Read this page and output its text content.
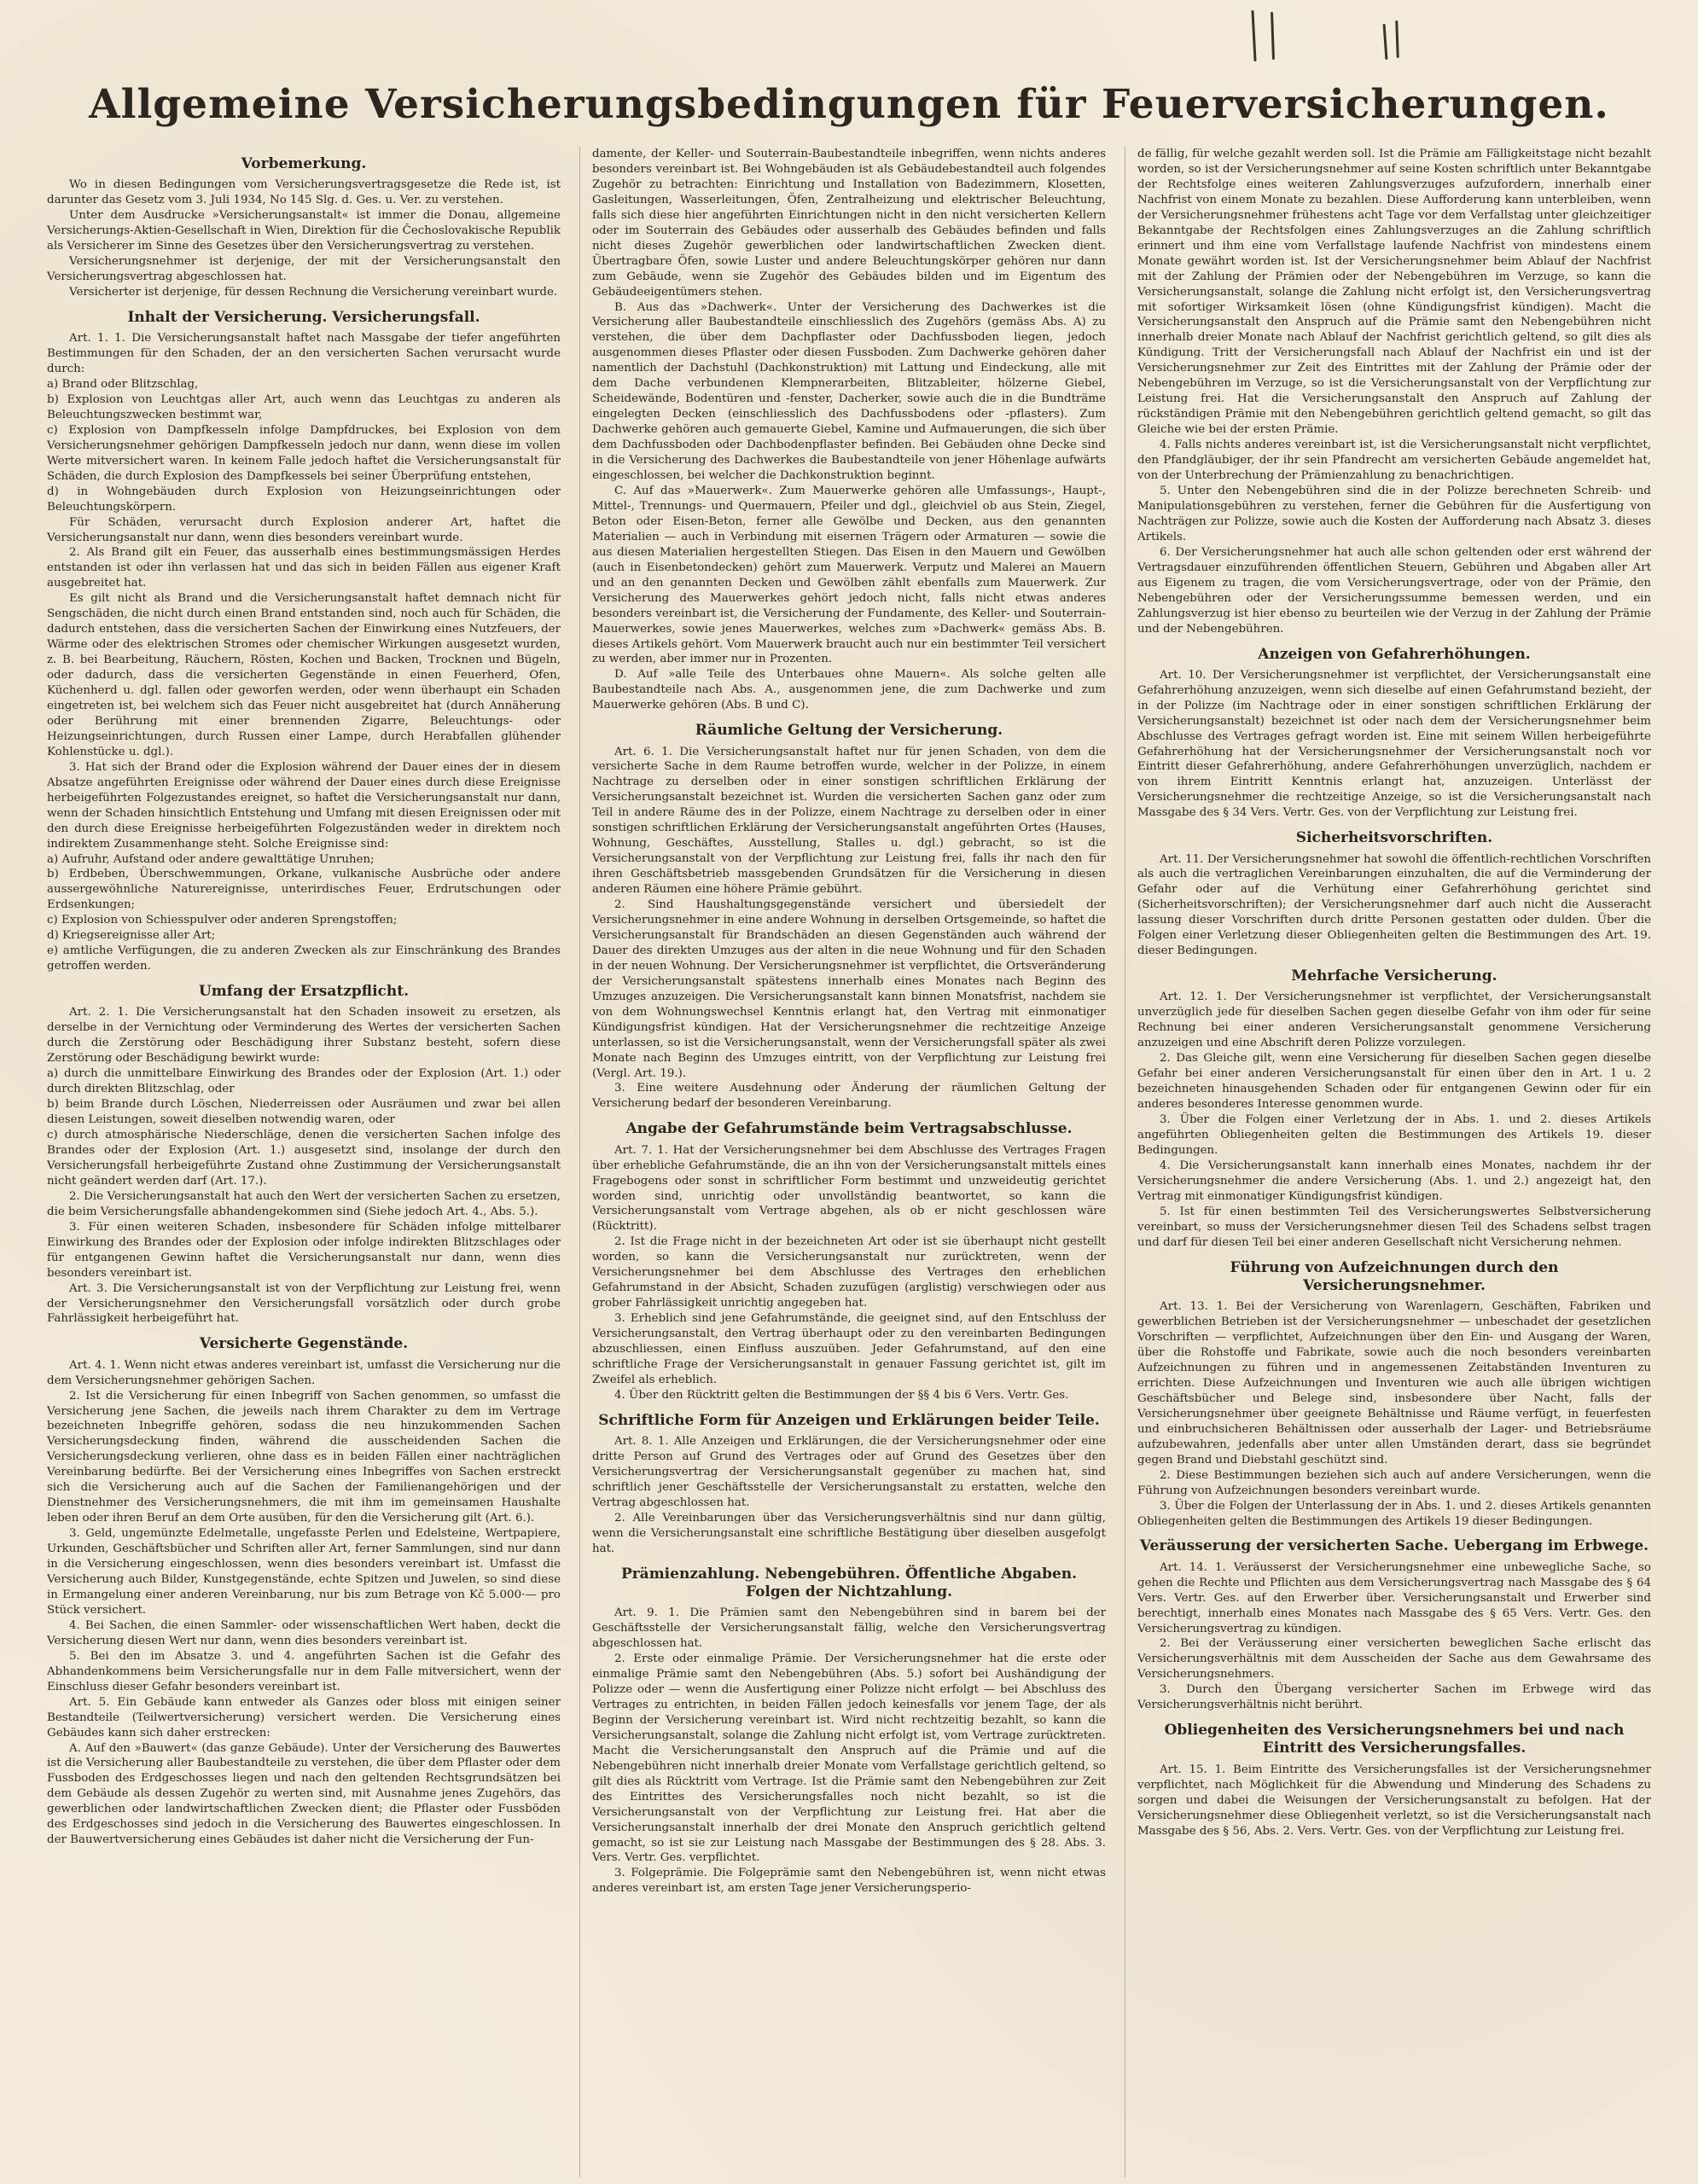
Allgemeine Versicherungsbedingungen für Feuerversicherungen.
Vorbemerkung.

Wo in diesen Bedingungen vom Versicherungsvertragsgesetze die Rede ist, ist darunter das Gesetz vom 3. Juli 1934, No 145 Slg. d. Ges. u. Ver. zu verstehen.

Unter dem Ausdrucke »Versicherungsanstalt« ist immer die Donau, allgemeine Versicherungs-Aktien-Gesellschaft in Wien, Direktion für die Čechoslovakische Republik als Versicherer im Sinne des Gesetzes über den Versicherungsvertrag zu verstehen.

Versicherungsnehmer ist derjenige, der mit der Versicherungsanstalt den Versicherungsvertrag abgeschlossen hat.

Versicherter ist derjenige, für dessen Rechnung die Versicherung vereinbart wurde.

Inhalt der Versicherung. Versicherungsfall.

Art. 1. 1. Die Versicherungsanstalt haftet nach Massgabe der tiefer angeführten Bestimmungen für den Schaden, der an den versicherten Sachen verursacht wurde durch:

a) Brand oder Blitzschlag,

b) Explosion von Leuchtgas aller Art, auch wenn das Leuchtgas zu anderen als Beleuchtungszwecken bestimmt war,

c) Explosion von Dampfkesseln infolge Dampfdruckes, bei Explosion von dem Versicherungsnehmer gehörigen Dampfkesseln jedoch nur dann, wenn diese im vollen Werte mitversichert waren. In keinem Falle jedoch haftet die Versicherungsanstalt für Schäden, die durch Explosion des Dampfkessels bei seiner Überprüfung entstehen,

d) in Wohngebäuden durch Explosion von Heizungseinrichtungen oder Beleuchtungskörpern.

Für Schäden, verursacht durch Explosion anderer Art, haftet die Versicherungsanstalt nur dann, wenn dies besonders vereinbart wurde.

2. Als Brand gilt ein Feuer, das ausserhalb eines bestimmungsmässigen Herdes entstanden ist oder ihn verlassen hat und das sich in beiden Fällen aus eigener Kraft ausgebreitet hat.

Es gilt nicht als Brand und die Versicherungsanstalt haftet demnach nicht für Sengschäden, die nicht durch einen Brand entstanden sind, noch auch für Schäden, die dadurch entstehen, dass die versicherten Sachen der Einwirkung eines Nutzfeuers, der Wärme oder des elektrischen Stromes oder chemischer Wirkungen ausgesetzt wurden, z. B. bei Bearbeitung, Räuchern, Rösten, Kochen und Backen, Trocknen und Bügeln, oder dadurch, dass die versicherten Gegenstände in einen Feuerherd, Ofen, Küchenherd u. dgl. fallen oder geworfen werden, oder wenn überhaupt ein Schaden eingetreten ist, bei welchem sich das Feuer nicht ausgebreitet hat (durch Annäherung oder Berührung mit einer brennenden Zigarre, Beleuchtungs- oder Heizungseinrichtungen, durch Russen einer Lampe, durch Herabfallen glühender Kohlenstücke u. dgl.).

3. Hat sich der Brand oder die Explosion während der Dauer eines der in diesem Absatze angeführten Ereignisse oder während der Dauer eines durch diese Ereignisse herbeigeführten Folgezustandes ereignet, so haftet die Versicherungsanstalt nur dann, wenn der Schaden hinsichtlich Entstehung und Umfang mit diesen Ereignissen oder mit den durch diese Ereignisse herbeigeführten Folgezuständen weder in direktem noch indirektem Zusammenhange steht. Solche Ereignisse sind:

a) Aufruhr, Aufstand oder andere gewalttätige Unruhen;

b) Erdbeben, Überschwemmungen, Orkane, vulkanische Ausbrüche oder andere aussergewöhnliche Naturereignisse, unterirdisches Feuer, Erdrutschungen oder Erdsenkungen;

c) Explosion von Schiesspulver oder anderen Sprengstoffen;

d) Kriegsereignisse aller Art;

e) amtliche Verfügungen, die zu anderen Zwecken als zur Einschränkung des Brandes getroffen werden.

Umfang der Ersatzpflicht.

Art. 2. 1. Die Versicherungsanstalt hat den Schaden insoweit zu ersetzen, als derselbe in der Vernichtung oder Verminderung des Wertes der versicherten Sachen durch die Zerstörung oder Beschädigung ihrer Substanz besteht, sofern diese Zerstörung oder Beschädigung bewirkt wurde:

a) durch die unmittelbare Einwirkung des Brandes oder der Explosion (Art. 1.) oder durch direkten Blitzschlag, oder

b) beim Brande durch Löschen, Niederreissen oder Ausräumen und zwar bei allen diesen Leistungen, soweit dieselben notwendig waren, oder

c) durch atmosphärische Niederschläge, denen die versicherten Sachen infolge des Brandes oder der Explosion (Art. 1.) ausgesetzt sind, insolange der durch den Versicherungsfall herbeigeführte Zustand ohne Zustimmung der Versicherungsanstalt nicht geändert werden darf (Art. 17.).

2. Die Versicherungsanstalt hat auch den Wert der versicherten Sachen zu ersetzen, die beim Versicherungsfalle abhandengekommen sind (Siehe jedoch Art. 4., Abs. 5.).

3. Für einen weiteren Schaden, insbesondere für Schäden infolge mittelbarer Einwirkung des Brandes oder der Explosion oder infolge indirekten Blitzschlages oder für entgangenen Gewinn haftet die Versicherungsanstalt nur dann, wenn dies besonders vereinbart ist.

Art. 3. Die Versicherungsanstalt ist von der Verpflichtung zur Leistung frei, wenn der Versicherungsnehmer den Versicherungsfall vorsätzlich oder durch grobe Fahrlässigkeit herbeigeführt hat.

Versicherte Gegenstände.

Art. 4. 1. Wenn nicht etwas anderes vereinbart ist, umfasst die Versicherung nur die dem Versicherungsnehmer gehörigen Sachen.

2. Ist die Versicherung für einen Inbegriff von Sachen genommen, so umfasst die Versicherung jene Sachen, die jeweils nach ihrem Charakter zu dem im Vertrage bezeichneten Inbegriffe gehören, sodass die neu hinzukommenden Sachen Versicherungsdeckung finden, während die ausscheidenden Sachen die Versicherungsdeckung verlieren, ohne dass es in beiden Fällen einer nachträglichen Vereinbarung bedürfte. Bei der Versicherung eines Inbegriffes von Sachen erstreckt sich die Versicherung auch auf die Sachen der Familienangehörigen und der Dienstnehmer des Versicherungsnehmers, die mit ihm im gemeinsamen Haushalte leben oder ihren Beruf an dem Orte ausüben, für den die Versicherung gilt (Art. 6.).

3. Geld, ungemünzte Edelmetalle, ungefasste Perlen und Edelsteine, Wertpapiere, Urkunden, Geschäftsbücher und Schriften aller Art, ferner Sammlungen, sind nur dann in die Versicherung eingeschlossen, wenn dies besonders vereinbart ist. Umfasst die Versicherung auch Bilder, Kunstgegenstände, echte Spitzen und Juwelen, so sind diese in Ermangelung einer anderen Vereinbarung, nur bis zum Betrage von Kč 5.000·— pro Stück versichert.

4. Bei Sachen, die einen Sammler- oder wissenschaftlichen Wert haben, deckt die Versicherung diesen Wert nur dann, wenn dies besonders vereinbart ist.

5. Bei den im Absatze 3. und 4. angeführten Sachen ist die Gefahr des Abhandenkommens beim Versicherungsfalle nur in dem Falle mitversichert, wenn der Einschluss dieser Gefahr besonders vereinbart ist.

Art. 5. Ein Gebäude kann entweder als Ganzes oder bloss mit einigen seiner Bestandteile (Teilwertversicherung) versichert werden. Die Versicherung eines Gebäudes kann sich daher erstrecken:

A. Auf den »Bauwert« (das ganze Gebäude). Unter der Versicherung des Bauwertes ist die Versicherung aller Baubestandteile zu verstehen, die über dem Pflaster oder dem Fussboden des Erdgeschosses liegen und nach den geltenden Rechtsgrundsätzen bei dem Gebäude als dessen Zugehör zu werten sind, mit Ausnahme jenes Zugehörs, das gewerblichen oder landwirtschaftlichen Zwecken dient; die Pflaster oder Fussböden des Erdgeschosses sind jedoch in die Versicherung des Bauwertes eingeschlossen. In der Bauwertversicherung eines Gebäudes ist daher nicht die Versicherung der Fun-

damente, der Keller- und Souterrain-Baubestandteile inbegriffen, wenn nichts anderes besonders vereinbart ist. Bei Wohngebäuden ist als Gebäudebestandteil auch folgendes Zugehör zu betrachten: Einrichtung und Installation von Badezimmern, Klosetten, Gasleitungen, Wasserleitungen, Öfen, Zentralheizung und elektrischer Beleuchtung, falls sich diese hier angeführten Einrichtungen nicht in den nicht versicherten Kellern oder im Souterrain des Gebäudes oder ausserhalb des Gebäudes befinden und falls nicht dieses Zugehör gewerblichen oder landwirtschaftlichen Zwecken dient. Übertragbare Öfen, sowie Luster und andere Beleuchtungskörper gehören nur dann zum Gebäude, wenn sie Zugehör des Gebäudes bilden und im Eigentum des Gebäudeeigentümers stehen.

B. Aus das »Dachwerk«. Unter der Versicherung des Dachwerkes ist die Versicherung aller Baubestandteile einschliesslich des Zugehörs (gemäss Abs. A) zu verstehen, die über dem Dachpflaster oder Dachfussboden liegen, jedoch ausgenommen dieses Pflaster oder diesen Fussboden. Zum Dachwerke gehören daher namentlich der Dachstuhl (Dachkonstruktion) mit Lattung und Eindeckung, alle mit dem Dache verbundenen Klempnerarbeiten, Blitzableiter, hölzerne Giebel, Scheidewände, Bodentüren und -fenster, Dacherker, sowie auch die in die Bundträme eingelegten Decken (einschliesslich des Dachfussbodens oder -pflasters). Zum Dachwerke gehören auch gemauerte Giebel, Kamine und Aufmauerungen, die sich über dem Dachfussboden oder Dachbodenpflaster befinden. Bei Gebäuden ohne Decke sind in die Versicherung des Dachwerkes die Baubestandteile von jener Höhenlage aufwärts eingeschlossen, bei welcher die Dachkonstruktion beginnt.

C. Auf das »Mauerwerk«. Zum Mauerwerke gehören alle Umfassungs-, Haupt-, Mittel-, Trennungs- und Quermauern, Pfeiler und dgl., gleichviel ob aus Stein, Ziegel, Beton oder Eisen-Beton, ferner alle Gewölbe und Decken, aus den genannten Materialien — auch in Verbindung mit eisernen Trägern oder Armaturen — sowie die aus diesen Materialien hergestellten Stiegen. Das Eisen in den Mauern und Gewölben (auch in Eisenbetondecken) gehört zum Mauerwerk. Verputz und Malerei an Mauern und an den genannten Decken und Gewölben zählt ebenfalls zum Mauerwerk. Zur Versicherung des Mauerwerkes gehört jedoch nicht, falls nicht etwas anderes besonders vereinbart ist, die Versicherung der Fundamente, des Keller- und Souterrain-Mauerwerkes, sowie jenes Mauerwerkes, welches zum »Dachwerk« gemäss Abs. B. dieses Artikels gehört. Vom Mauerwerk braucht auch nur ein bestimmter Teil versichert zu werden, aber immer nur in Prozenten.

D. Auf »alle Teile des Unterbaues ohne Mauern«. Als solche gelten alle Baubestandteile nach Abs. A., ausgenommen jene, die zum Dachwerke und zum Mauerwerke gehören (Abs. B und C).

Räumliche Geltung der Versicherung.

Art. 6. 1. Die Versicherungsanstalt haftet nur für jenen Schaden, von dem die versicherte Sache in dem Raume betroffen wurde, welcher in der Polizze, in einem Nachtrage zu derselben oder in einer sonstigen schriftlichen Erklärung der Versicherungsanstalt bezeichnet ist. Wurden die versicherten Sachen ganz oder zum Teil in andere Räume des in der Polizze, einem Nachtrage zu derselben oder in einer sonstigen schriftlichen Erklärung der Versicherungsanstalt angeführten Ortes (Hauses, Wohnung, Geschäftes, Ausstellung, Stalles u. dgl.) gebracht, so ist die Versicherungsanstalt von der Verpflichtung zur Leistung frei, falls ihr nach den für ihren Geschäftsbetrieb massgebenden Grundsätzen für die Versicherung in diesen anderen Räumen eine höhere Prämie gebührt.

2. Sind Haushaltungsgegenstände versichert und übersiedelt der Versicherungsnehmer in eine andere Wohnung in derselben Ortsgemeinde, so haftet die Versicherungsanstalt für Brandschäden an diesen Gegenständen auch während der Dauer des direkten Umzuges aus der alten in die neue Wohnung und für den Schaden in der neuen Wohnung. Der Versicherungsnehmer ist verpflichtet, die Ortsveränderung der Versicherungsanstalt spätestens innerhalb eines Monates nach Beginn des Umzuges anzuzeigen. Die Versicherungsanstalt kann binnen Monatsfrist, nachdem sie von dem Wohnungswechsel Kenntnis erlangt hat, den Vertrag mit einmonatiger Kündigungsfrist kündigen. Hat der Versicherungsnehmer die rechtzeitige Anzeige unterlassen, so ist die Versicherungsanstalt, wenn der Versicherungsfall später als zwei Monate nach Beginn des Umzuges eintritt, von der Verpflichtung zur Leistung frei (Vergl. Art. 19.).

3. Eine weitere Ausdehnung oder Änderung der räumlichen Geltung der Versicherung bedarf der besonderen Vereinbarung.

Angabe der Gefahrumstände beim Vertragsabschlusse.

Art. 7. 1. Hat der Versicherungsnehmer bei dem Abschlusse des Vertrages Fragen über erhebliche Gefahrumstände, die an ihn von der Versicherungsanstalt mittels eines Fragebogens oder sonst in schriftlicher Form bestimmt und unzweideutig gerichtet worden sind, unrichtig oder unvollständig beantwortet, so kann die Versicherungsanstalt vom Vertrage abgehen, als ob er nicht geschlossen wäre (Rücktritt).

2. Ist die Frage nicht in der bezeichneten Art oder ist sie überhaupt nicht gestellt worden, so kann die Versicherungsanstalt nur zurücktreten, wenn der Versicherungsnehmer bei dem Abschlusse des Vertrages den erheblichen Gefahrumstand in der Absicht, Schaden zuzufügen (arglistig) verschwiegen oder aus grober Fahrlässigkeit unrichtig angegeben hat.

3. Erheblich sind jene Gefahrumstände, die geeignet sind, auf den Entschluss der Versicherungsanstalt, den Vertrag überhaupt oder zu den vereinbarten Bedingungen abzuschliessen, einen Einfluss auszuüben. Jeder Gefahrumstand, auf den eine schriftliche Frage der Versicherungsanstalt in genauer Fassung gerichtet ist, gilt im Zweifel als erheblich.

4. Über den Rücktritt gelten die Bestimmungen der §§ 4 bis 6 Vers. Vertr. Ges.

Schriftliche Form für Anzeigen und Erklärungen beider Teile.

Art. 8. 1. Alle Anzeigen und Erklärungen, die der Versicherungsnehmer oder eine dritte Person auf Grund des Vertrages oder auf Grund des Gesetzes über den Versicherungsvertrag der Versicherungsanstalt gegenüber zu machen hat, sind schriftlich jener Geschäftsstelle der Versicherungsanstalt zu erstatten, welche den Vertrag abgeschlossen hat.

2. Alle Vereinbarungen über das Versicherungsverhältnis sind nur dann gültig, wenn die Versicherungsanstalt eine schriftliche Bestätigung über dieselben ausgefolgt hat.

Prämienzahlung. Nebengebühren. Öffentliche Abgaben. Folgen der Nichtzahlung.

Art. 9. 1. Die Prämien samt den Nebengebühren sind in barem bei der Geschäftsstelle der Versicherungsanstalt fällig, welche den Versicherungsvertrag abgeschlossen hat.

2. Erste oder einmalige Prämie. Der Versicherungsnehmer hat die erste oder einmalige Prämie samt den Nebengebühren (Abs. 5.) sofort bei Aushändigung der Polizze oder — wenn die Ausfertigung einer Polizze nicht erfolgt — bei Abschluss des Vertrages zu entrichten, in beiden Fällen jedoch keinesfalls vor jenem Tage, der als Beginn der Versicherung vereinbart ist. Wird nicht rechtzeitig bezahlt, so kann die Versicherungsanstalt, solange die Zahlung nicht erfolgt ist, vom Vertrage zurücktreten. Macht die Versicherungsanstalt den Anspruch auf die Prämie und auf die Nebengebühren nicht innerhalb dreier Monate vom Verfallstage gerichtlich geltend, so gilt dies als Rücktritt vom Vertrage. Ist die Prämie samt den Nebengebühren zur Zeit des Eintrittes des Versicherungsfalles noch nicht bezahlt, so ist die Versicherungsanstalt von der Verpflichtung zur Leistung frei. Hat aber die Versicherungsanstalt innerhalb der drei Monate den Anspruch gerichtlich geltend gemacht, so ist sie zur Leistung nach Massgabe der Bestimmungen des § 28. Abs. 3. Vers. Vertr. Ges. verpflichtet.

3. Folgeprämie. Die Folgeprämie samt den Nebengebühren ist, wenn nicht etwas anderes vereinbart ist, am ersten Tage jener Versicherungsperio-

de fällig, für welche gezahlt werden soll. Ist die Prämie am Fälligkeitstage nicht bezahlt worden, so ist der Versicherungsnehmer auf seine Kosten schriftlich unter Bekanntgabe der Rechtsfolge eines weiteren Zahlungsverzuges aufzufordern, innerhalb einer Nachfrist von einem Monate zu bezahlen. Diese Aufforderung kann unterbleiben, wenn der Versicherungsnehmer frühestens acht Tage vor dem Verfallstag unter gleichzeitiger Bekanntgabe der Rechtsfolgen eines Zahlungsverzuges an die Zahlung schriftlich erinnert und ihm eine vom Verfallstage laufende Nachfrist von mindestens einem Monate gewährt worden ist. Ist der Versicherungsnehmer beim Ablauf der Nachfrist mit der Zahlung der Prämien oder der Nebengebühren im Verzuge, so kann die Versicherungsanstalt, solange die Zahlung nicht erfolgt ist, den Versicherungsvertrag mit sofortiger Wirksamkeit lösen (ohne Kündigungsfrist kündigen). Macht die Versicherungsanstalt den Anspruch auf die Prämie samt den Nebengebühren nicht innerhalb dreier Monate nach Ablauf der Nachfrist gerichtlich geltend, so gilt dies als Kündigung. Tritt der Versicherungsfall nach Ablauf der Nachfrist ein und ist der Versicherungsnehmer zur Zeit des Eintrittes mit der Zahlung der Prämie oder der Nebengebühren im Verzuge, so ist die Versicherungsanstalt von der Verpflichtung zur Leistung frei. Hat die Versicherungsanstalt den Anspruch auf Zahlung der rückständigen Prämie mit den Nebengebühren gerichtlich geltend gemacht, so gilt das Gleiche wie bei der ersten Prämie.

4. Falls nichts anderes vereinbart ist, ist die Versicherungsanstalt nicht verpflichtet, den Pfandgläubiger, der ihr sein Pfandrecht am versicherten Gebäude angemeldet hat, von der Unterbrechung der Prämienzahlung zu benachrichtigen.

5. Unter den Nebengebühren sind die in der Polizze berechneten Schreib- und Manipulationsgebühren zu verstehen, ferner die Gebühren für die Ausfertigung von Nachträgen zur Polizze, sowie auch die Kosten der Aufforderung nach Absatz 3. dieses Artikels.

6. Der Versicherungsnehmer hat auch alle schon geltenden oder erst während der Vertragsdauer einzuführenden öffentlichen Steuern, Gebühren und Abgaben aller Art aus Eigenem zu tragen, die vom Versicherungsvertrage, oder von der Prämie, den Nebengebühren oder der Versicherungssumme bemessen werden, und ein Zahlungsverzug ist hier ebenso zu beurteilen wie der Verzug in der Zahlung der Prämie und der Nebengebühren.

Anzeigen von Gefahrerhöhungen.

Art. 10. Der Versicherungsnehmer ist verpflichtet, der Versicherungsanstalt eine Gefahrerhöhung anzuzeigen, wenn sich dieselbe auf einen Gefahrumstand bezieht, der in der Polizze (im Nachtrage oder in einer sonstigen schriftlichen Erklärung der Versicherungsanstalt) bezeichnet ist oder nach dem der Versicherungsnehmer beim Abschlusse des Vertrages gefragt worden ist. Eine mit seinem Willen herbeigeführte Gefahrerhöhung hat der Versicherungsnehmer der Versicherungsanstalt noch vor Eintritt dieser Gefahrerhöhung, andere Gefahrerhöhungen unverzüglich, nachdem er von ihrem Eintritt Kenntnis erlangt hat, anzuzeigen. Unterlässt der Versicherungsnehmer die rechtzeitige Anzeige, so ist die Versicherungsanstalt nach Massgabe des § 34 Vers. Vertr. Ges. von der Verpflichtung zur Leistung frei.

Sicherheitsvorschriften.

Art. 11. Der Versicherungsnehmer hat sowohl die öffentlich-rechtlichen Vorschriften als auch die vertraglichen Vereinbarungen einzuhalten, die auf die Verminderung der Gefahr oder auf die Verhütung einer Gefahrerhöhung gerichtet sind (Sicherheitsvorschriften); der Versicherungsnehmer darf auch nicht die Ausseracht lassung dieser Vorschriften durch dritte Personen gestatten oder dulden. Über die Folgen einer Verletzung dieser Obliegenheiten gelten die Bestimmungen des Art. 19. dieser Bedingungen.

Mehrfache Versicherung.

Art. 12. 1. Der Versicherungsnehmer ist verpflichtet, der Versicherungsanstalt unverzüglich jede für dieselben Sachen gegen dieselbe Gefahr von ihm oder für seine Rechnung bei einer anderen Versicherungsanstalt genommene Versicherung anzuzeigen und eine Abschrift deren Polizze vorzulegen.

2. Das Gleiche gilt, wenn eine Versicherung für dieselben Sachen gegen dieselbe Gefahr bei einer anderen Versicherungsanstalt für einen über den in Art. 1 u. 2 bezeichneten hinausgehenden Schaden oder für entgangenen Gewinn oder für ein anderes besonderes Interesse genommen wurde.

3. Über die Folgen einer Verletzung der in Abs. 1. und 2. dieses Artikels angeführten Obliegenheiten gelten die Bestimmungen des Artikels 19. dieser Bedingungen.

4. Die Versicherungsanstalt kann innerhalb eines Monates, nachdem ihr der Versicherungsnehmer die andere Versicherung (Abs. 1. und 2.) angezeigt hat, den Vertrag mit einmonatiger Kündigungsfrist kündigen.

5. Ist für einen bestimmten Teil des Versicherungswertes Selbstversicherung vereinbart, so muss der Versicherungsnehmer diesen Teil des Schadens selbst tragen und darf für diesen Teil bei einer anderen Gesellschaft nicht Versicherung nehmen.

Führung von Aufzeichnungen durch den Versicherungsnehmer.

Art. 13. 1. Bei der Versicherung von Warenlagern, Geschäften, Fabriken und gewerblichen Betrieben ist der Versicherungsnehmer — unbeschadet der gesetzlichen Vorschriften — verpflichtet, Aufzeichnungen über den Ein- und Ausgang der Waren, über die Rohstoffe und Fabrikate, sowie auch die noch besonders vereinbarten Aufzeichnungen zu führen und in angemessenen Zeitabständen Inventuren zu errichten. Diese Aufzeichnungen und Inventuren wie auch alle übrigen wichtigen Geschäftsbücher und Belege sind, insbesondere über Nacht, falls der Versicherungsnehmer über geeignete Behältnisse und Räume verfügt, in feuerfesten und einbruchsicheren Behältnissen oder ausserhalb der Lager- und Betriebsräume aufzubewahren, jedenfalls aber unter allen Umständen derart, dass sie begründet gegen Brand und Diebstahl geschützt sind.

2. Diese Bestimmungen beziehen sich auch auf andere Versicherungen, wenn die Führung von Aufzeichnungen besonders vereinbart wurde.

3. Über die Folgen der Unterlassung der in Abs. 1. und 2. dieses Artikels genannten Obliegenheiten gelten die Bestimmungen des Artikels 19 dieser Bedingungen.

Veräusserung der versicherten Sache. Uebergang im Erbwege.

Art. 14. 1. Veräusserst der Versicherungsnehmer eine unbewegliche Sache, so gehen die Rechte und Pflichten aus dem Versicherungsvertrag nach Massgabe des § 64 Vers. Vertr. Ges. auf den Erwerber über. Versicherungsanstalt und Erwerber sind berechtigt, innerhalb eines Monates nach Massgabe des § 65 Vers. Vertr. Ges. den Versicherungsvertrag zu kündigen.

2. Bei der Veräusserung einer versicherten beweglichen Sache erlischt das Versicherungsverhältnis mit dem Ausscheiden der Sache aus dem Gewahrsame des Versicherungsnehmers.

3. Durch den Übergang versicherter Sachen im Erbwege wird das Versicherungsverhältnis nicht berührt.

Obliegenheiten des Versicherungsnehmers bei und nach Eintritt des Versicherungsfalles.

Art. 15. 1. Beim Eintritte des Versicherungsfalles ist der Versicherungsnehmer verpflichtet, nach Möglichkeit für die Abwendung und Minderung des Schadens zu sorgen und dabei die Weisungen der Versicherungsanstalt zu befolgen. Hat der Versicherungsnehmer diese Obliegenheit verletzt, so ist die Versicherungsanstalt nach Massgabe des § 56, Abs. 2. Vers. Vertr. Ges. von der Verpflichtung zur Leistung frei.
